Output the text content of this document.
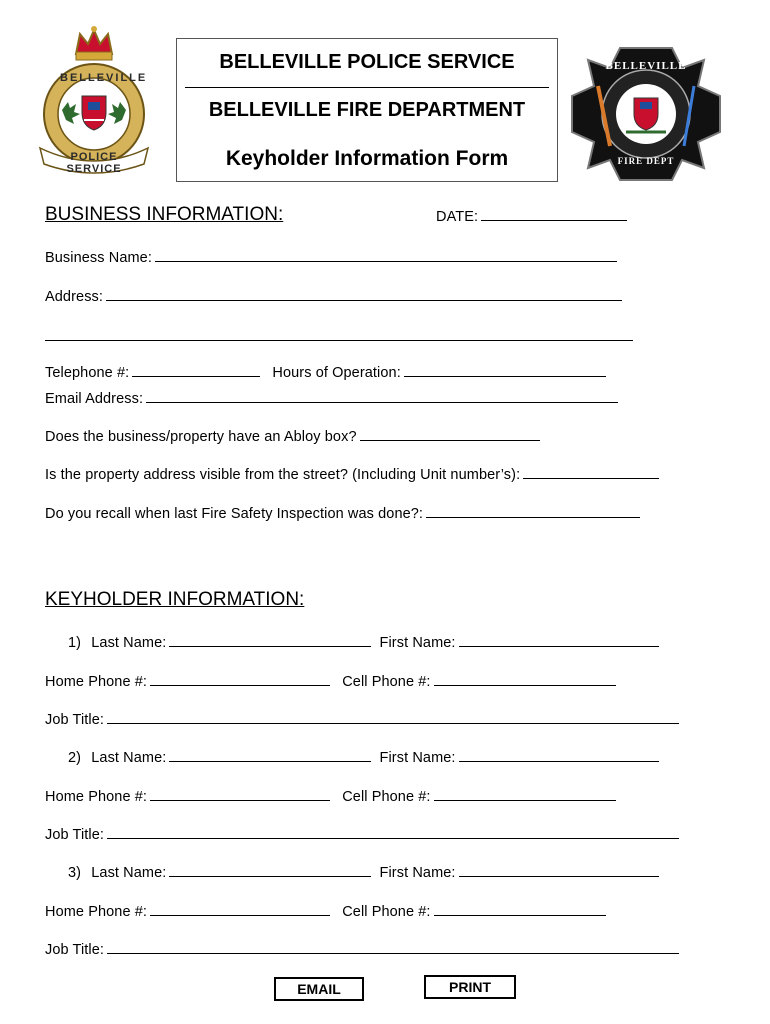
BELLEVILLE
POLICE SERVICE
BELLEVILLE POLICE SERVICE
BELLEVILLE FIRE DEPARTMENT
Keyholder Information Form
BELLEVILLE
FIRE DEPT
BUSINESS INFORMATION:	DATE:
Business Name:
Address:
Telephone #:	Hours of Operation:
Email Address:
Does the business/property have an Abloy box?
Is the property address visible from the street? (Including Unit number’s):
Do you recall when last Fire Safety Inspection was done?:
KEYHOLDER INFORMATION:
1) Last Name:	First Name:
Home Phone #:	Cell Phone #:
Job Title:
2) Last Name:	First Name:
Home Phone #:	Cell Phone #:
Job Title:
3) Last Name:	First Name:
Home Phone #:	Cell Phone #:
Job Title:
EMAIL	PRINT
